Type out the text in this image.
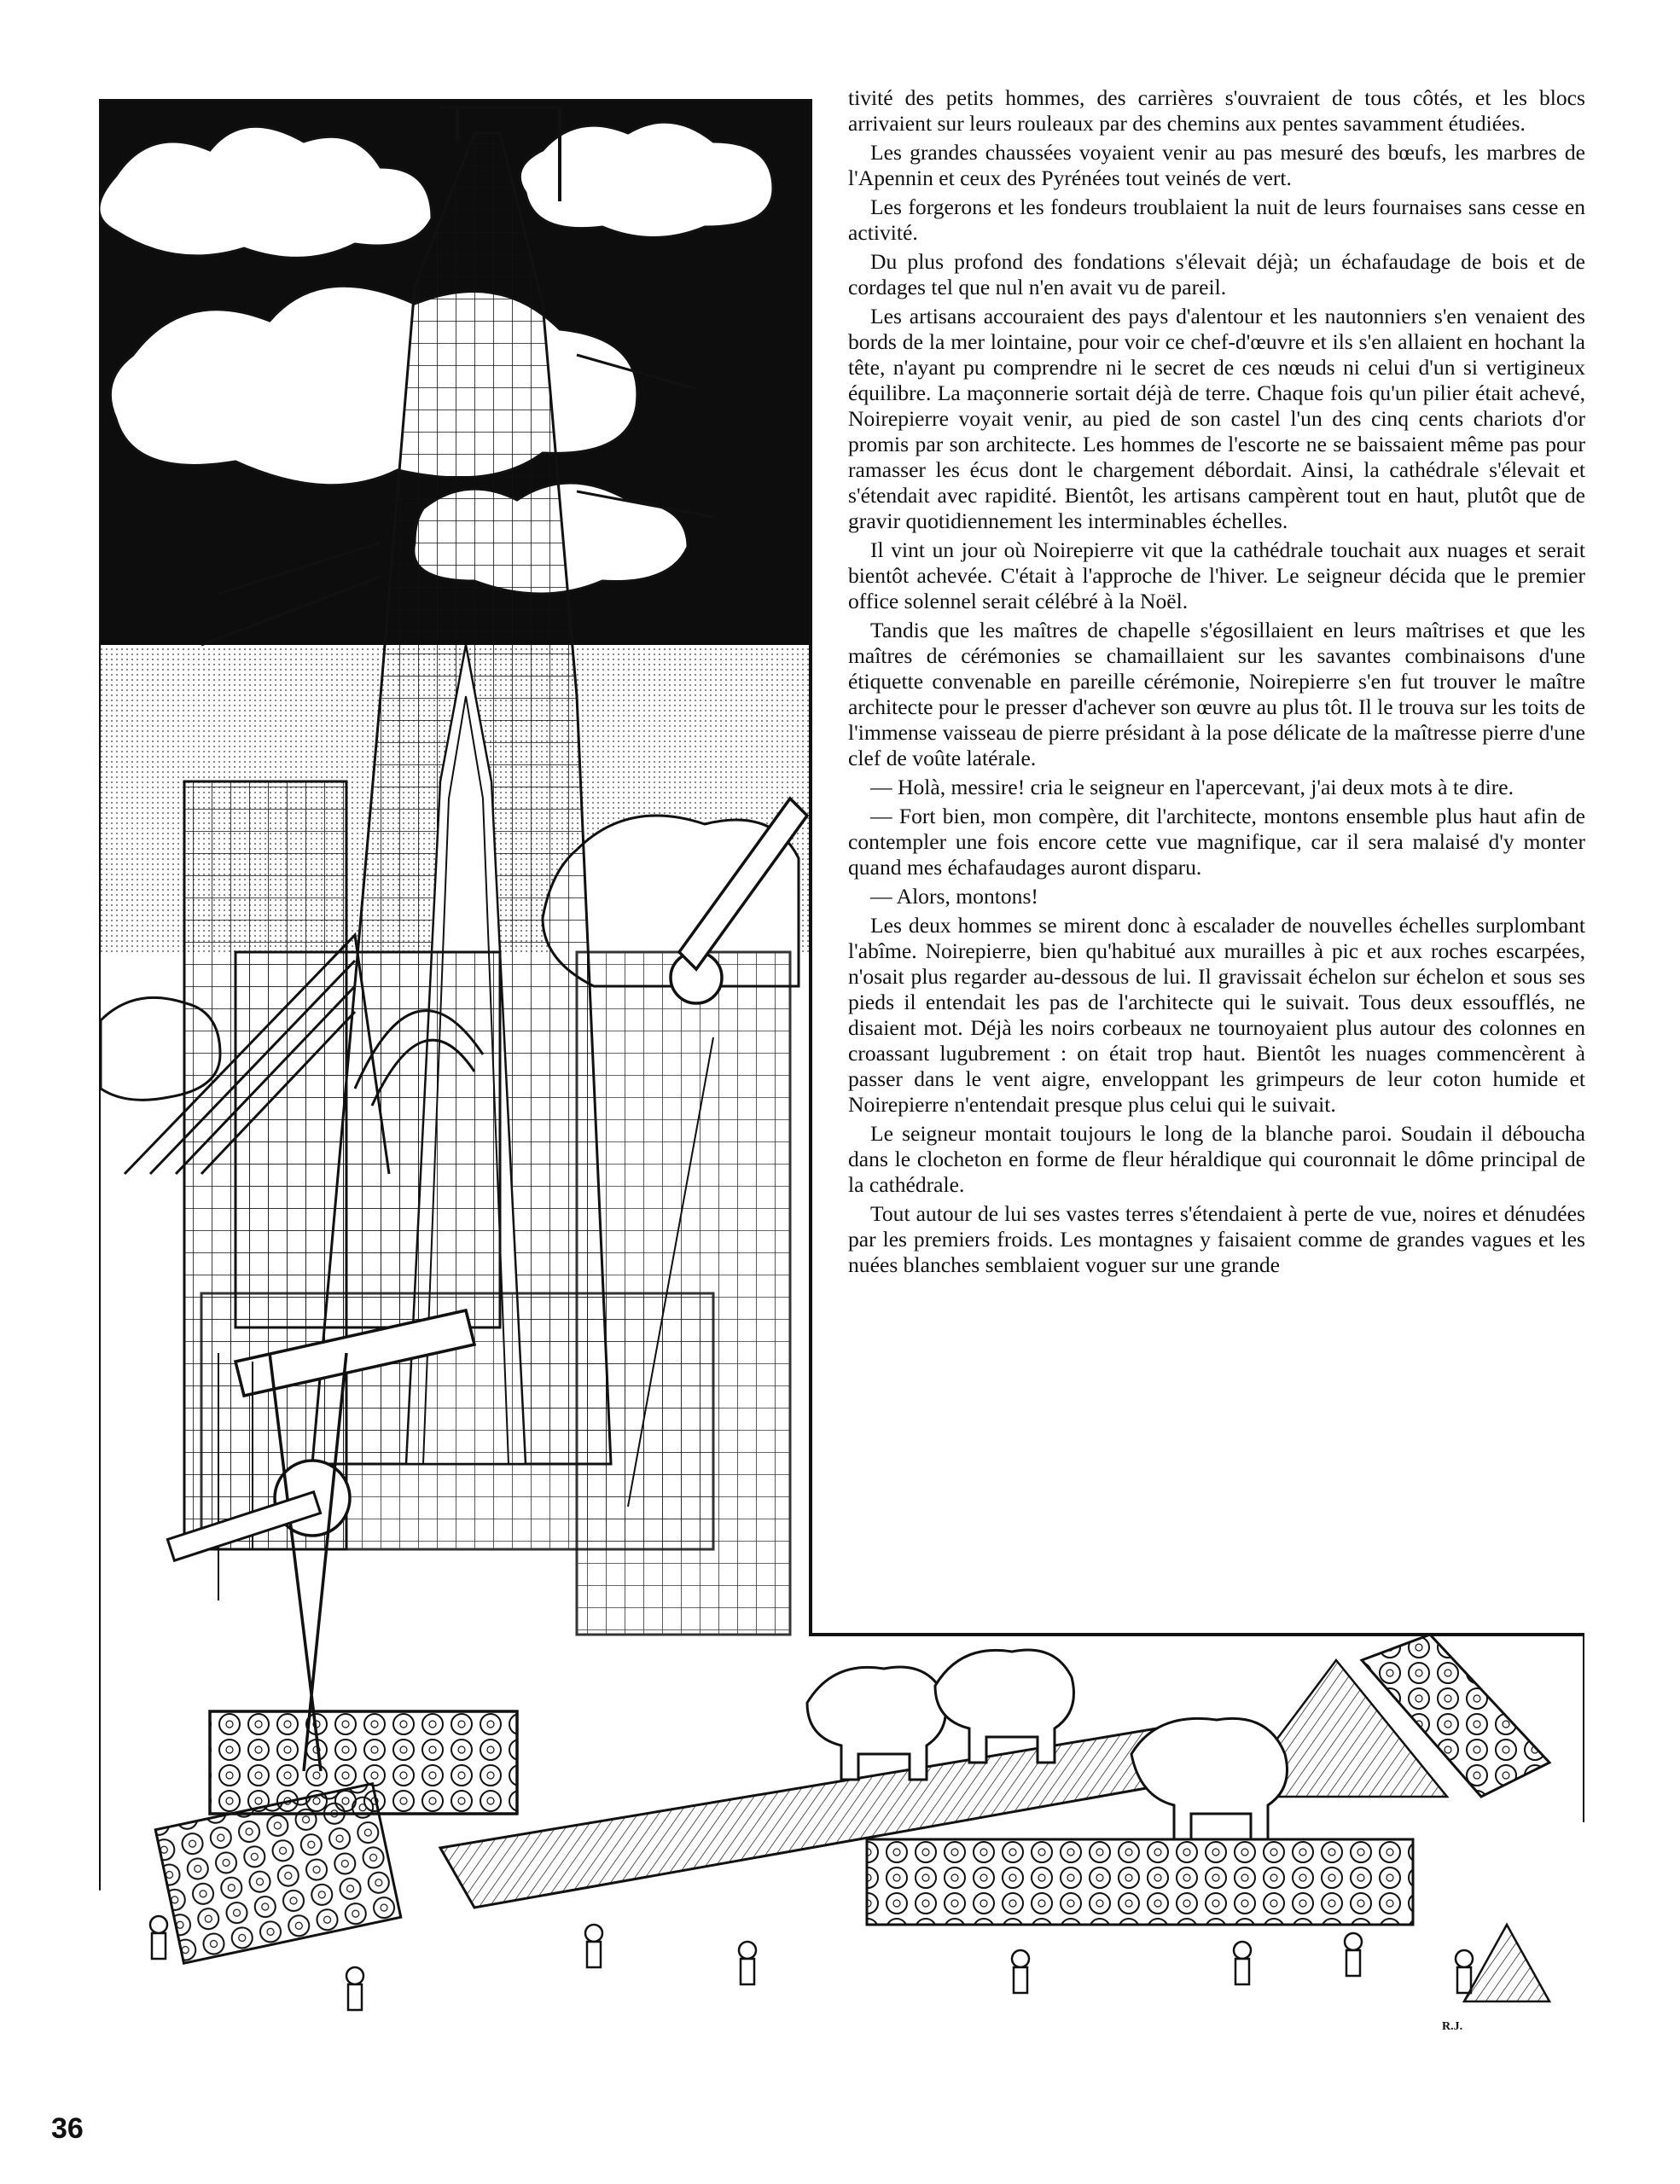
R.J.

tivité des petits hommes, des carrières s'ouvraient de tous côtés, et les blocs arrivaient sur leurs rouleaux par des chemins aux pentes savamment étudiées.

Les grandes chaussées voyaient venir au pas mesuré des bœufs, les marbres de l'Apennin et ceux des Pyrénées tout veinés de vert.

Les forgerons et les fondeurs troublaient la nuit de leurs fournaises sans cesse en activité.

Du plus profond des fondations s'élevait déjà; un échafaudage de bois et de cordages tel que nul n'en avait vu de pareil.

Les artisans accouraient des pays d'alentour et les nautonniers s'en venaient des bords de la mer lointaine, pour voir ce chef-d'œuvre et ils s'en allaient en hochant la tête, n'ayant pu comprendre ni le secret de ces nœuds ni celui d'un si vertigineux équilibre. La maçonnerie sortait déjà de terre. Chaque fois qu'un pilier était achevé, Noirepierre voyait venir, au pied de son castel l'un des cinq cents chariots d'or promis par son architecte. Les hommes de l'escorte ne se baissaient même pas pour ramasser les écus dont le chargement débordait. Ainsi, la cathédrale s'élevait et s'étendait avec rapidité. Bientôt, les artisans campèrent tout en haut, plutôt que de gravir quotidiennement les interminables échelles.

Il vint un jour où Noirepierre vit que la cathédrale touchait aux nuages et serait bientôt achevée. C'était à l'approche de l'hiver. Le seigneur décida que le premier office solennel serait célébré à la Noël.

Tandis que les maîtres de chapelle s'égosillaient en leurs maîtrises et que les maîtres de cérémonies se chamaillaient sur les savantes combinaisons d'une étiquette convenable en pareille cérémonie, Noirepierre s'en fut trouver le maître architecte pour le presser d'achever son œuvre au plus tôt. Il le trouva sur les toits de l'immense vaisseau de pierre présidant à la pose délicate de la maîtresse pierre d'une clef de voûte latérale.

— Holà, messire! cria le seigneur en l'apercevant, j'ai deux mots à te dire.

— Fort bien, mon compère, dit l'architecte, montons ensemble plus haut afin de contempler une fois encore cette vue magnifique, car il sera malaisé d'y monter quand mes échafaudages auront disparu.

— Alors, montons!

Les deux hommes se mirent donc à escalader de nouvelles échelles surplombant l'abîme. Noirepierre, bien qu'habitué aux murailles à pic et aux roches escarpées, n'osait plus regarder au-dessous de lui. Il gravissait échelon sur échelon et sous ses pieds il entendait les pas de l'architecte qui le suivait. Tous deux essoufflés, ne disaient mot. Déjà les noirs corbeaux ne tournoyaient plus autour des colonnes en croassant lugubrement : on était trop haut. Bientôt les nuages commencèrent à passer dans le vent aigre, enveloppant les grimpeurs de leur coton humide et Noirepierre n'entendait presque plus celui qui le suivait.

Le seigneur montait toujours le long de la blanche paroi. Soudain il déboucha dans le clocheton en forme de fleur héraldique qui couronnait le dôme principal de la cathédrale.

Tout autour de lui ses vastes terres s'étendaient à perte de vue, noires et dénudées par les premiers froids. Les montagnes y faisaient comme de grandes vagues et les nuées blanches semblaient voguer sur une grande

36
